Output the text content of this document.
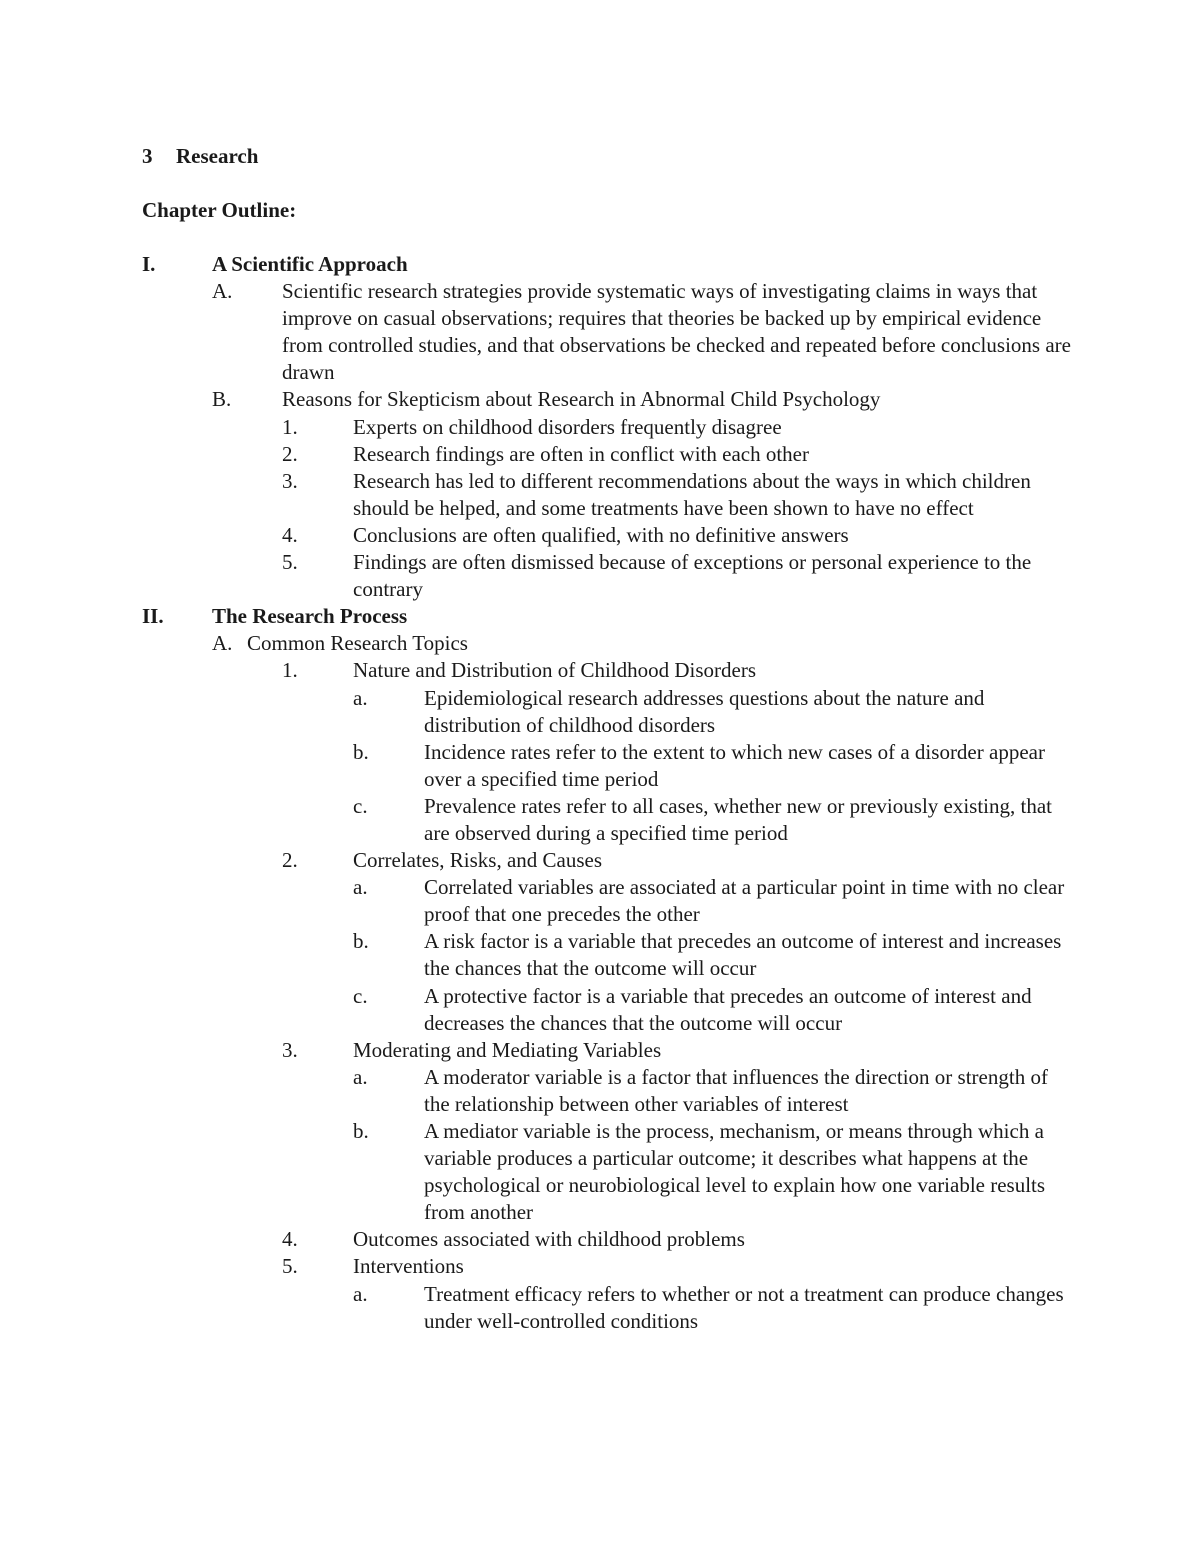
3 Research
Chapter Outline:
I.	A Scientific Approach
A. Scientific research strategies provide systematic ways of investigating claims in ways that improve on casual observations; requires that theories be backed up by empirical evidence from controlled studies, and that observations be checked and repeated before conclusions are drawn
B. Reasons for Skepticism about Research in Abnormal Child Psychology
1.	Experts on childhood disorders frequently disagree
2.	Research findings are often in conflict with each other
3.	Research has led to different recommendations about the ways in which children should be helped, and some treatments have been shown to have no effect
4.	Conclusions are often qualified, with no definitive answers
5.	Findings are often dismissed because of exceptions or personal experience to the contrary
II. The Research Process
A. Common Research Topics
1.	Nature and Distribution of Childhood Disorders
a.	Epidemiological research addresses questions about the nature and distribution of childhood disorders
b.	Incidence rates refer to the extent to which new cases of a disorder appear over a specified time period
c.	Prevalence rates refer to all cases, whether new or previously existing, that are observed during a specified time period
2.	Correlates, Risks, and Causes
a.	Correlated variables are associated at a particular point in time with no clear proof that one precedes the other
b.	A risk factor is a variable that precedes an outcome of interest and increases the chances that the outcome will occur
c.	A protective factor is a variable that precedes an outcome of interest and decreases the chances that the outcome will occur
3.	Moderating and Mediating Variables
a.	A moderator variable is a factor that influences the direction or strength of the relationship between other variables of interest
b.	A mediator variable is the process, mechanism, or means through which a variable produces a particular outcome; it describes what happens at the psychological or neurobiological level to explain how one variable results from another
4.	Outcomes associated with childhood problems
5.	Interventions
a.	Treatment efficacy refers to whether or not a treatment can produce changes under well-controlled conditions
